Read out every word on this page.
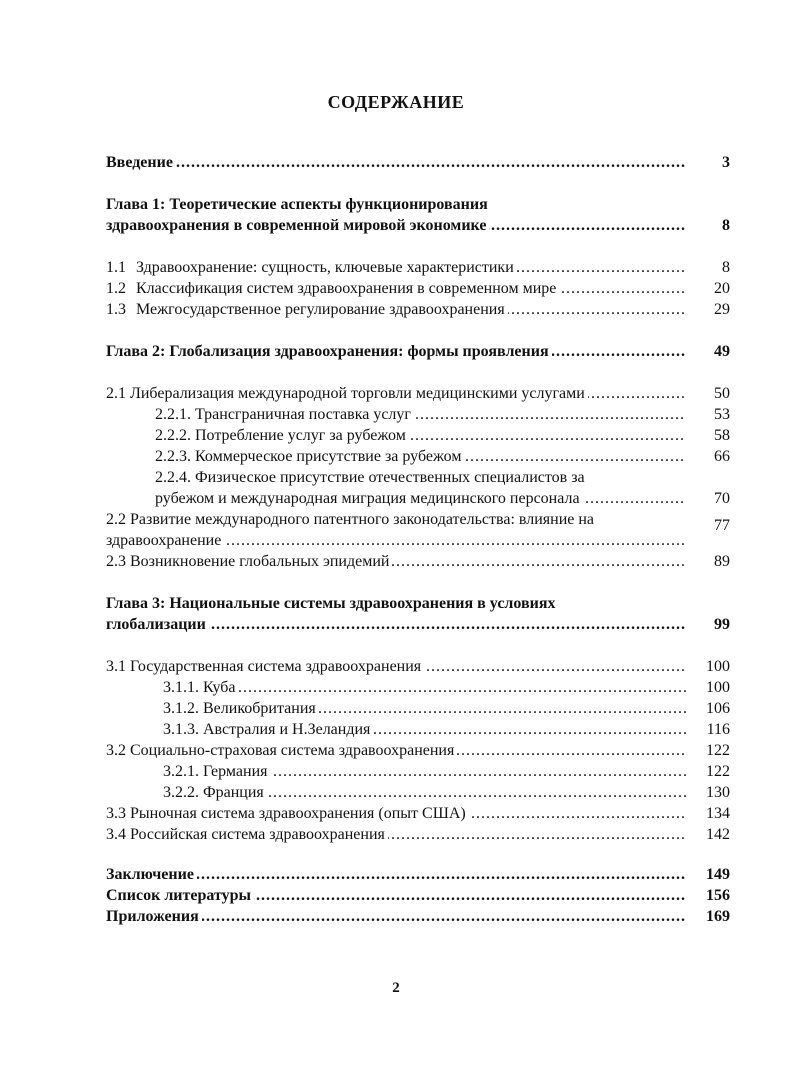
СОДЕРЖАНИЕ
. . .
Введение	3
Глава 1: Теоретические аспекты функционирования
. . .
здравоохранения в современной мировой экономике	8
. . .
1.1 Здравоохранение: сущность, ключевые характеристики	8
. . .
1.2 Классификация систем здравоохранения в современном мире	20
. . .
1.3 Межгосударственное регулирование здравоохранения	29
. . .
Глава 2: Глобализация здравоохранения: формы проявления	49
. . .
2.1 Либерализация международной торговли медицинскими услугами	50
. . .
2.2.1. Трансграничная поставка услуг	53
. . .
2.2.2. Потребление услуг за рубежом	58
. . .
2.2.3. Коммерческое присутствие за рубежом	66
2.2.4. Физическое присутствие отечественных специалистов за
. . .
рубежом и международная миграция медицинского персонала	70
2.2 Развитие международного патентного законодательства: влияние на	77
. . .
здравоохранение
. . .
2.3 Возникновение глобальных эпидемий	89
Глава 3: Национальные системы здравоохранения в условиях
. . .
глобализации	99
. . .
3.1 Государственная система здравоохранения	100
. . .
3.1.1. Куба	100
. . .
3.1.2. Великобритания	106
. . .
3.1.3. Австралия и Н.Зеландия	116
. . .
3.2 Социально-страховая система здравоохранения	122
. . .
3.2.1. Германия	122
. . .
3.2.2. Франция	130
. . .
3.3 Рыночная система здравоохранения (опыт США)	134
. . .
3.4 Российская система здравоохранения	142
. . .
Заключение	149
. . .
Список литературы	156
. . .
Приложения	169
2
